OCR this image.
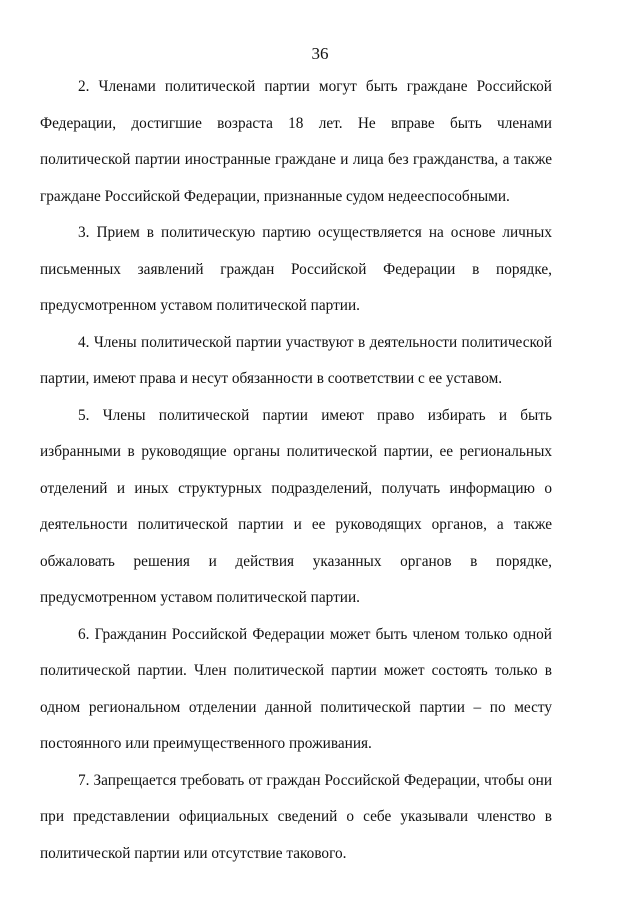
36

2. Членами политической партии могут быть граждане Российской Федерации, достигшие возраста 18 лет. Не вправе быть членами политической партии иностранные граждане и лица без гражданства, а также граждане Российской Федерации, признанные судом недееспособными.

3. Прием в политическую партию осуществляется на основе личных письменных заявлений граждан Российской Федерации в порядке, предусмотренном уставом политической партии.

4. Члены политической партии участвуют в деятельности политической партии, имеют права и несут обязанности в соответствии с ее уставом.

5. Члены политической партии имеют право избирать и быть избранными в руководящие органы политической партии, ее региональных отделений и иных структурных подразделений, получать информацию о деятельности политической партии и ее руководящих органов, а также обжаловать решения и действия указанных органов в порядке, предусмотренном уставом политической партии.

6. Гражданин Российской Федерации может быть членом только одной политической партии. Член политической партии может состоять только в одном региональном отделении данной политической партии – по месту постоянного или преимущественного проживания.

7. Запрещается требовать от граждан Российской Федерации, чтобы они при представлении официальных сведений о себе указывали членство в политической партии или отсутствие такового.
